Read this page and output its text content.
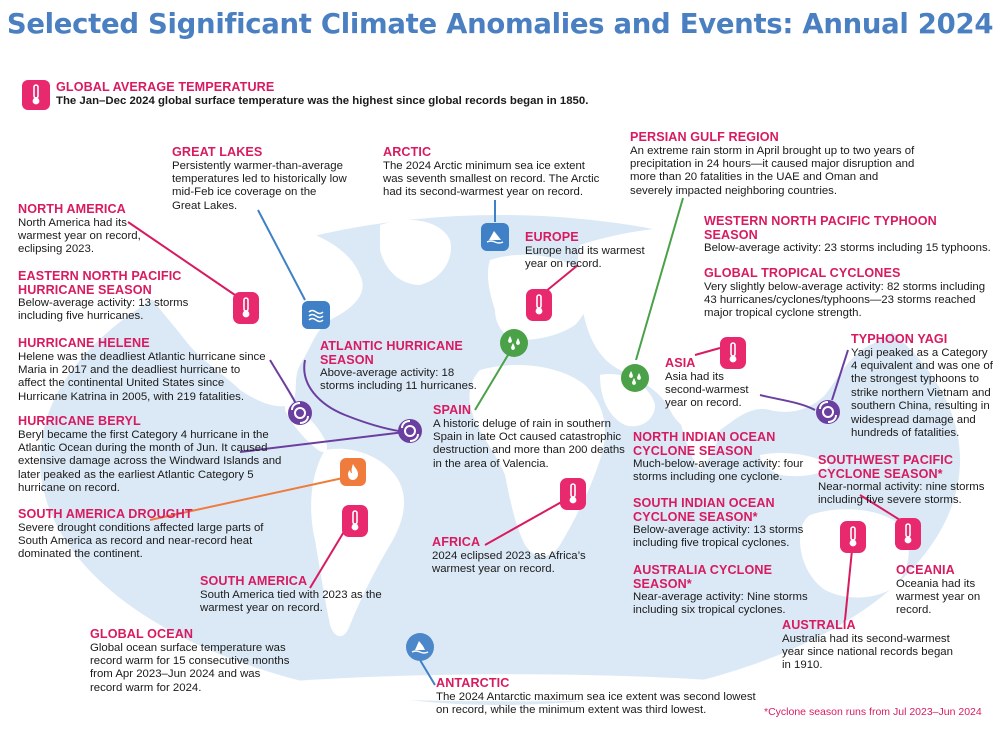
Selected Significant Climate Anomalies and Events: Annual 2024
GLOBAL AVERAGE TEMPERATURE
The Jan–Dec 2024 global surface temperature was the highest since global records began in 1850.
GREAT LAKES
Persistently warmer-than-average temperatures led to historically low mid-Feb ice coverage on the Great Lakes.
ARCTIC
The 2024 Arctic minimum sea ice extent was seventh smallest on record. The Arctic had its second-warmest year on record.
PERSIAN GULF REGION
An extreme rain storm in April brought up to two years of precipitation in 24 hours—it caused major disruption and more than 20 fatalities in the UAE and Oman and severely impacted neighboring countries.
NORTH AMERICA
North America had its warmest year on record, eclipsing 2023.
EUROPE
Europe had its warmest year on record.
WESTERN NORTH PACIFIC TYPHOON SEASON
Below-average activity: 23 storms including 15 typhoons.
EASTERN NORTH PACIFIC HURRICANE SEASON
Below-average activity: 13 storms including five hurricanes.
GLOBAL TROPICAL CYCLONES
Very slightly below-average activity: 82 storms including 43 hurricanes/cyclones/typhoons—23 storms reached major tropical cyclone strength.
HURRICANE HELENE
Helene was the deadliest Atlantic hurricane since Maria in 2017 and the deadliest hurricane to affect the continental United States since Hurricane Katrina in 2005, with 219 fatalities.
ATLANTIC HURRICANE SEASON
Above-average activity: 18 storms including 11 hurricanes.
TYPHOON YAGI
Yagi peaked as a Category 4 equivalent and was one of the strongest typhoons to strike northern Vietnam and southern China, resulting in widespread damage and hundreds of fatalities.
ASIA
Asia had its second-warmest year on record.
HURRICANE BERYL
Beryl became the first Category 4 hurricane in the Atlantic Ocean during the month of Jun. It caused extensive damage across the Windward Islands and later peaked as the earliest Atlantic Category 5 hurricane on record.
SPAIN
A historic deluge of rain in southern Spain in late Oct caused catastrophic destruction and more than 200 deaths in the area of Valencia.
NORTH INDIAN OCEAN CYCLONE SEASON
Much-below-average activity: four storms including one cyclone.
SOUTHWEST PACIFIC CYCLONE SEASON*
Near-normal activity: nine storms including five severe storms.
SOUTH AMERICA DROUGHT
Severe drought conditions affected large parts of South America as record and near-record heat dominated the continent.
SOUTH INDIAN OCEAN CYCLONE SEASON*
Below-average activity: 13 storms including five tropical cyclones.
AFRICA
2024 eclipsed 2023 as Africa’s warmest year on record.
SOUTH AMERICA
South America tied with 2023 as the warmest year on record.
AUSTRALIA CYCLONE SEASON*
Near-average activity: Nine storms including six tropical cyclones.
OCEANIA
Oceania had its warmest year on record.
GLOBAL OCEAN
Global ocean surface temperature was record warm for 15 consecutive months from Apr 2023–Jun 2024 and was record warm for 2024.
AUSTRALIA
Australia had its second-warmest year since national records began in 1910.
ANTARCTIC
The 2024 Antarctic maximum sea ice extent was second lowest on record, while the minimum extent was third lowest.	*Cyclone season runs from Jul 2023–Jun 2024
